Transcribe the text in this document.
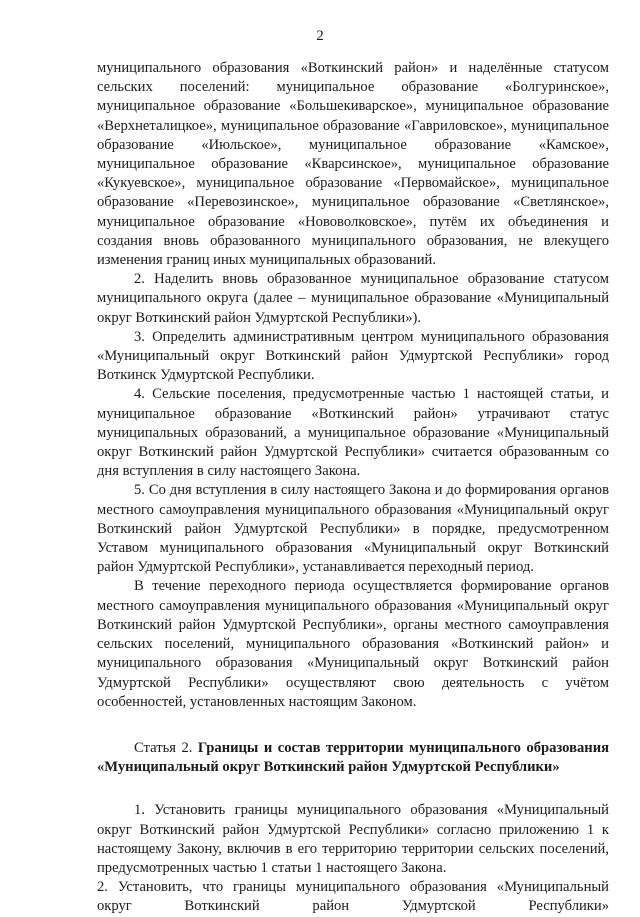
2

муниципального образования «Воткинский район» и наделённые статусом сельских поселений: муниципальное образование «Болгуринское», муниципальное образование «Большекиварское», муниципальное образование «Верхнеталицкое», муниципальное образование «Гавриловское», муниципальное образование «Июльское», муниципальное образование «Камское», муниципальное образование «Кварсинское», муниципальное образование «Кукуевское», муниципальное образование «Первомайское», муниципальное образование «Перевозинское», муниципальное образование «Светлянское», муниципальное образование «Нововолковское», путём их объединения и создания вновь образованного муниципального образования, не влекущего изменения границ иных муниципальных образований.

2. Наделить вновь образованное муниципальное образование статусом муниципального округа (далее – муниципальное образование «Муниципальный округ Воткинский район Удмуртской Республики»).

3. Определить административным центром муниципального образования «Муниципальный округ Воткинский район Удмуртской Республики» город Воткинск Удмуртской Республики.

4. Сельские поселения, предусмотренные частью 1 настоящей статьи, и муниципальное образование «Воткинский район» утрачивают статус муниципальных образований, а муниципальное образование «Муниципальный округ Воткинский район Удмуртской Республики» считается образованным со дня вступления в силу настоящего Закона.

5. Со дня вступления в силу настоящего Закона и до формирования органов местного самоуправления муниципального образования «Муниципальный округ Воткинский район Удмуртской Республики» в порядке, предусмотренном Уставом муниципального образования «Муниципальный округ Воткинский район Удмуртской Республики», устанавливается переходный период.

В течение переходного периода осуществляется формирование органов местного самоуправления муниципального образования «Муниципальный округ Воткинский район Удмуртской Республики», органы местного самоуправления сельских поселений, муниципального образования «Воткинский район» и муниципального образования «Муниципальный округ Воткинский район Удмуртской Республики» осуществляют свою деятельность с учётом особенностей, установленных настоящим Законом.

Статья 2. Границы и состав территории муниципального образования «Муниципальный округ Воткинский район Удмуртской Республики»

1. Установить границы муниципального образования «Муниципальный округ Воткинский район Удмуртской Республики» согласно приложению 1 к настоящему Закону, включив в его территорию территории сельских поселений, предусмотренных частью 1 статьи 1 настоящего Закона.

2. Установить, что границы муниципального образования «Муниципальный округ Воткинский район Удмуртской Республики»
